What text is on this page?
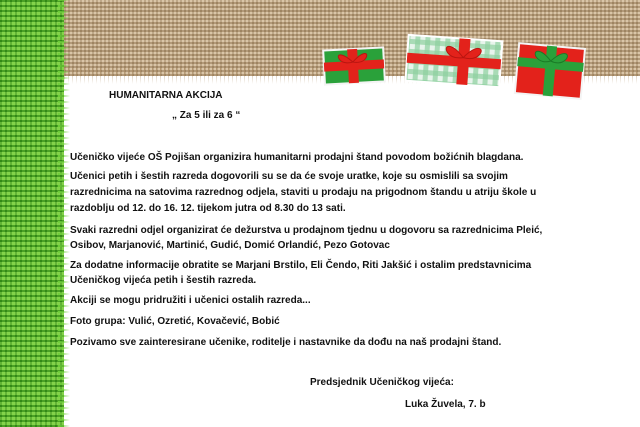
HUMANITARNA AKCIJA

„ Za 5 ili za 6 “

Učeničko vijeće OŠ Pojišan organizira humanitarni prodajni štand povodom božićnih blagdana.

Učenici petih i šestih razreda dogovorili su se da će svoje uratke, koje su osmislili sa svojim

razrednicima na satovima razrednog odjela, staviti u prodaju na prigodnom štandu u atriju škole u

razdoblju od 12. do 16. 12. tijekom jutra od 8.30 do 13 sati.

Svaki razredni odjel organizirat će dežurstva u prodajnom tjednu u dogovoru sa razrednicima Pleić,

Osibov, Marjanović, Martinić, Gudić, Domić Orlandić, Pezo Gotovac

Za dodatne informacije obratite se Marjani Brstilo, Eli Čendo, Riti Jakšić i ostalim predstavnicima

Učeničkog vijeća petih i šestih razreda.

Akciji se mogu pridružiti i učenici ostalih razreda...

Foto grupa: Vulić, Ozretić, Kovačević, Bobić

Pozivamo sve zainteresirane učenike, roditelje i nastavnike da dođu na naš prodajni štand.

Predsjednik Učeničkog vijeća:

Luka Žuvela, 7. b
